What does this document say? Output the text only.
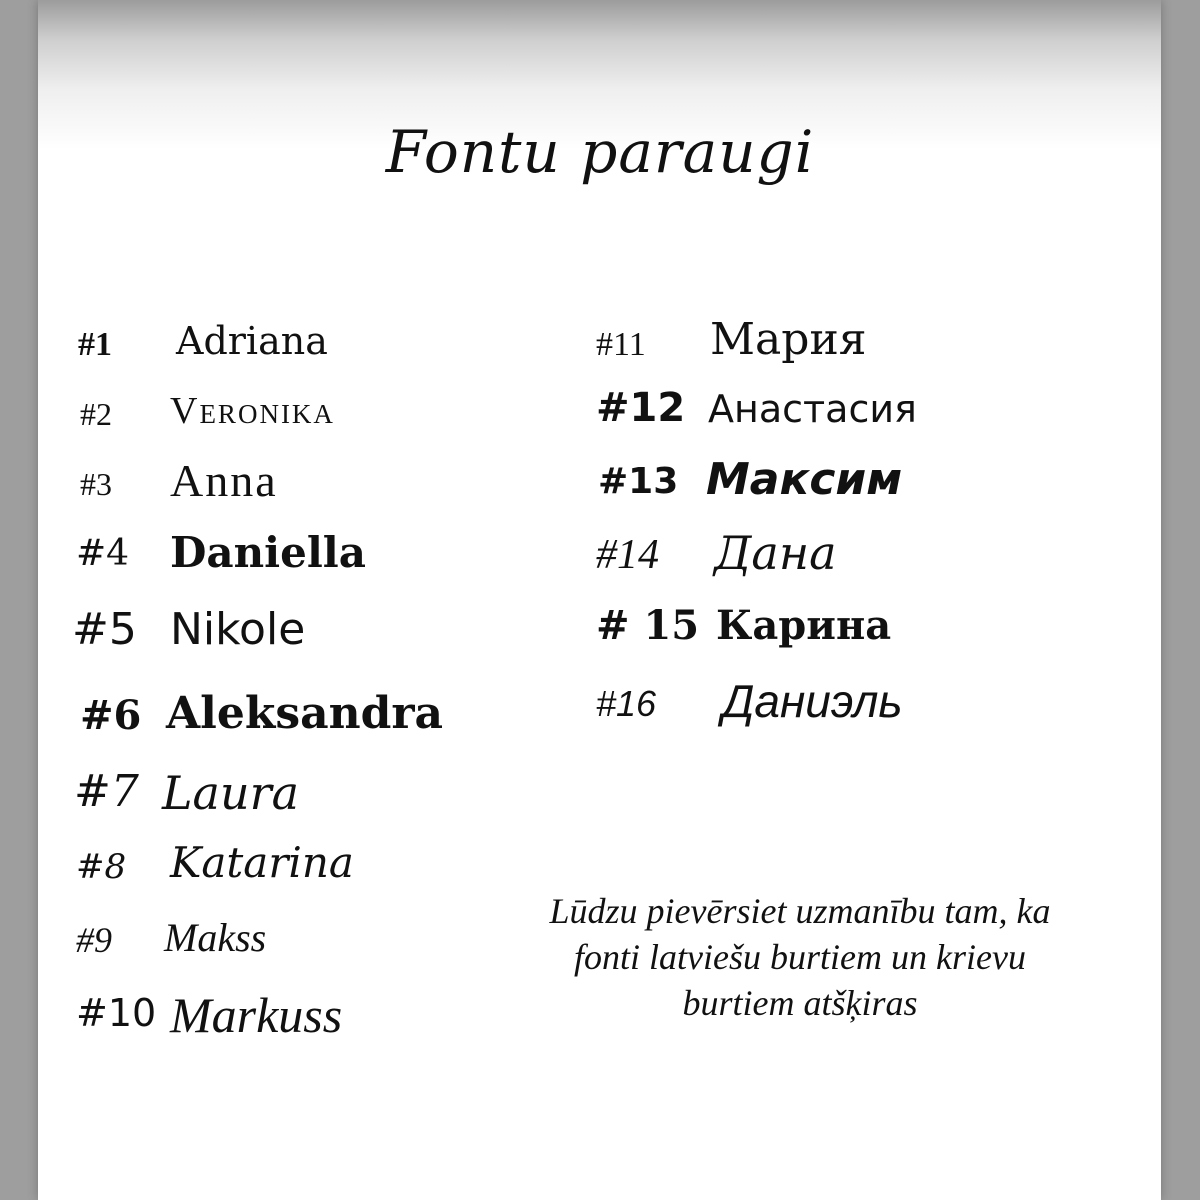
Fontu paraugi
#1 Adriana
#2 Veronika
#3 Anna
#4 Daniella
#5 Nikole
#6 Aleksandra
#7 Laura
#8 Katarina
#9 Makss
#10 Markuss
#11 Мария
#12 Анастасия
#13 Максим
#14 Дана
# 15 Карина
#16 Даниэль
Lūdzu pievērsiet uzmanību tam, ka
fonti latviešu burtiem un krievu
burtiem atšķiras
